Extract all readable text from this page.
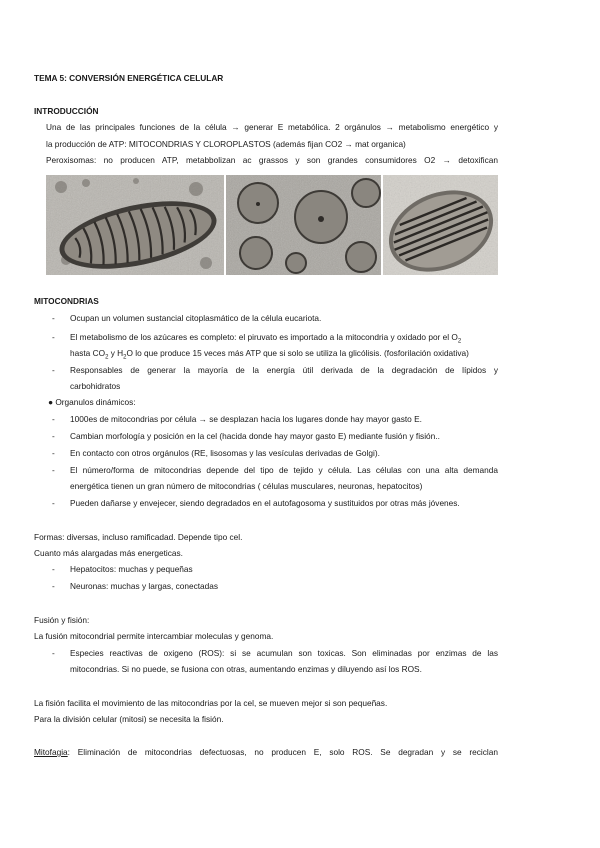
TEMA 5: CONVERSIÓN ENERGÉTICA CELULAR
INTRODUCCIÓN
Una de las principales funciones de la célula → generar E metabólica. 2 orgánulos → metabolismo energético y
la producción de ATP: MITOCONDRIAS Y CLOROPLASTOS (además fijan CO2 → mat organica)
Peroxisomas: no producen ATP, metabbolizan ac grassos y son grandes consumidores O2 → detoxifican
MITOCONDRIAS
- Ocupan un volumen sustancial citoplasmático de la célula eucariota.
- El metabolismo de los azúcares es completo: el piruvato es importado a la mitocondria y oxidado por el $O_2$
hasta $CO_2$ y $H_2O$ lo que produce 15 veces más ATP que si solo se utiliza la glicólisis. (fosforilación oxidativa)
- Responsables de generar la mayoría de la energía útil derivada de la degradación de lípidos y
carbohidratos
● Organulos dinámicos:
- 1000es de mitocondrias por célula → se desplazan hacia los lugares donde hay mayor gasto E.
- Cambian morfología y posición en la cel (hacida donde hay mayor gasto E) mediante fusión y fisión..
- En contacto con otros orgánulos (RE, lisosomas y las vesículas derivadas de Golgi).
- El número/forma de mitocondrias depende del tipo de tejido y célula. Las células con una alta demanda
energética tienen un gran número de mitocondrias ( células musculares, neuronas, hepatocitos)
- Pueden dañarse y envejecer, siendo degradados en el autofagosoma y sustituidos por otras más jóvenes.
Formas: diversas, incluso ramificadad. Depende tipo cel.
Cuanto más alargadas más energeticas.
- Hepatocitos: muchas y pequeñas
- Neuronas: muchas y largas, conectadas
Fusión y fisión:
La fusión mitocondrial permite intercambiar moleculas y genoma.
- Especies reactivas de oxigeno (ROS): si se acumulan son toxicas. Son eliminadas por enzimas de las
mitocondrias. Si no puede, se fusiona con otras, aumentando enzimas y diluyendo así los ROS.
La fisión facilita el movimiento de las mitocondrias por la cel, se mueven mejor si son pequeñas.
Para la división celular (mitosi) se necesita la fisión.
Mitofagia: Eliminación de mitocondrias defectuosas, no producen E, solo ROS. Se degradan y se reciclan
